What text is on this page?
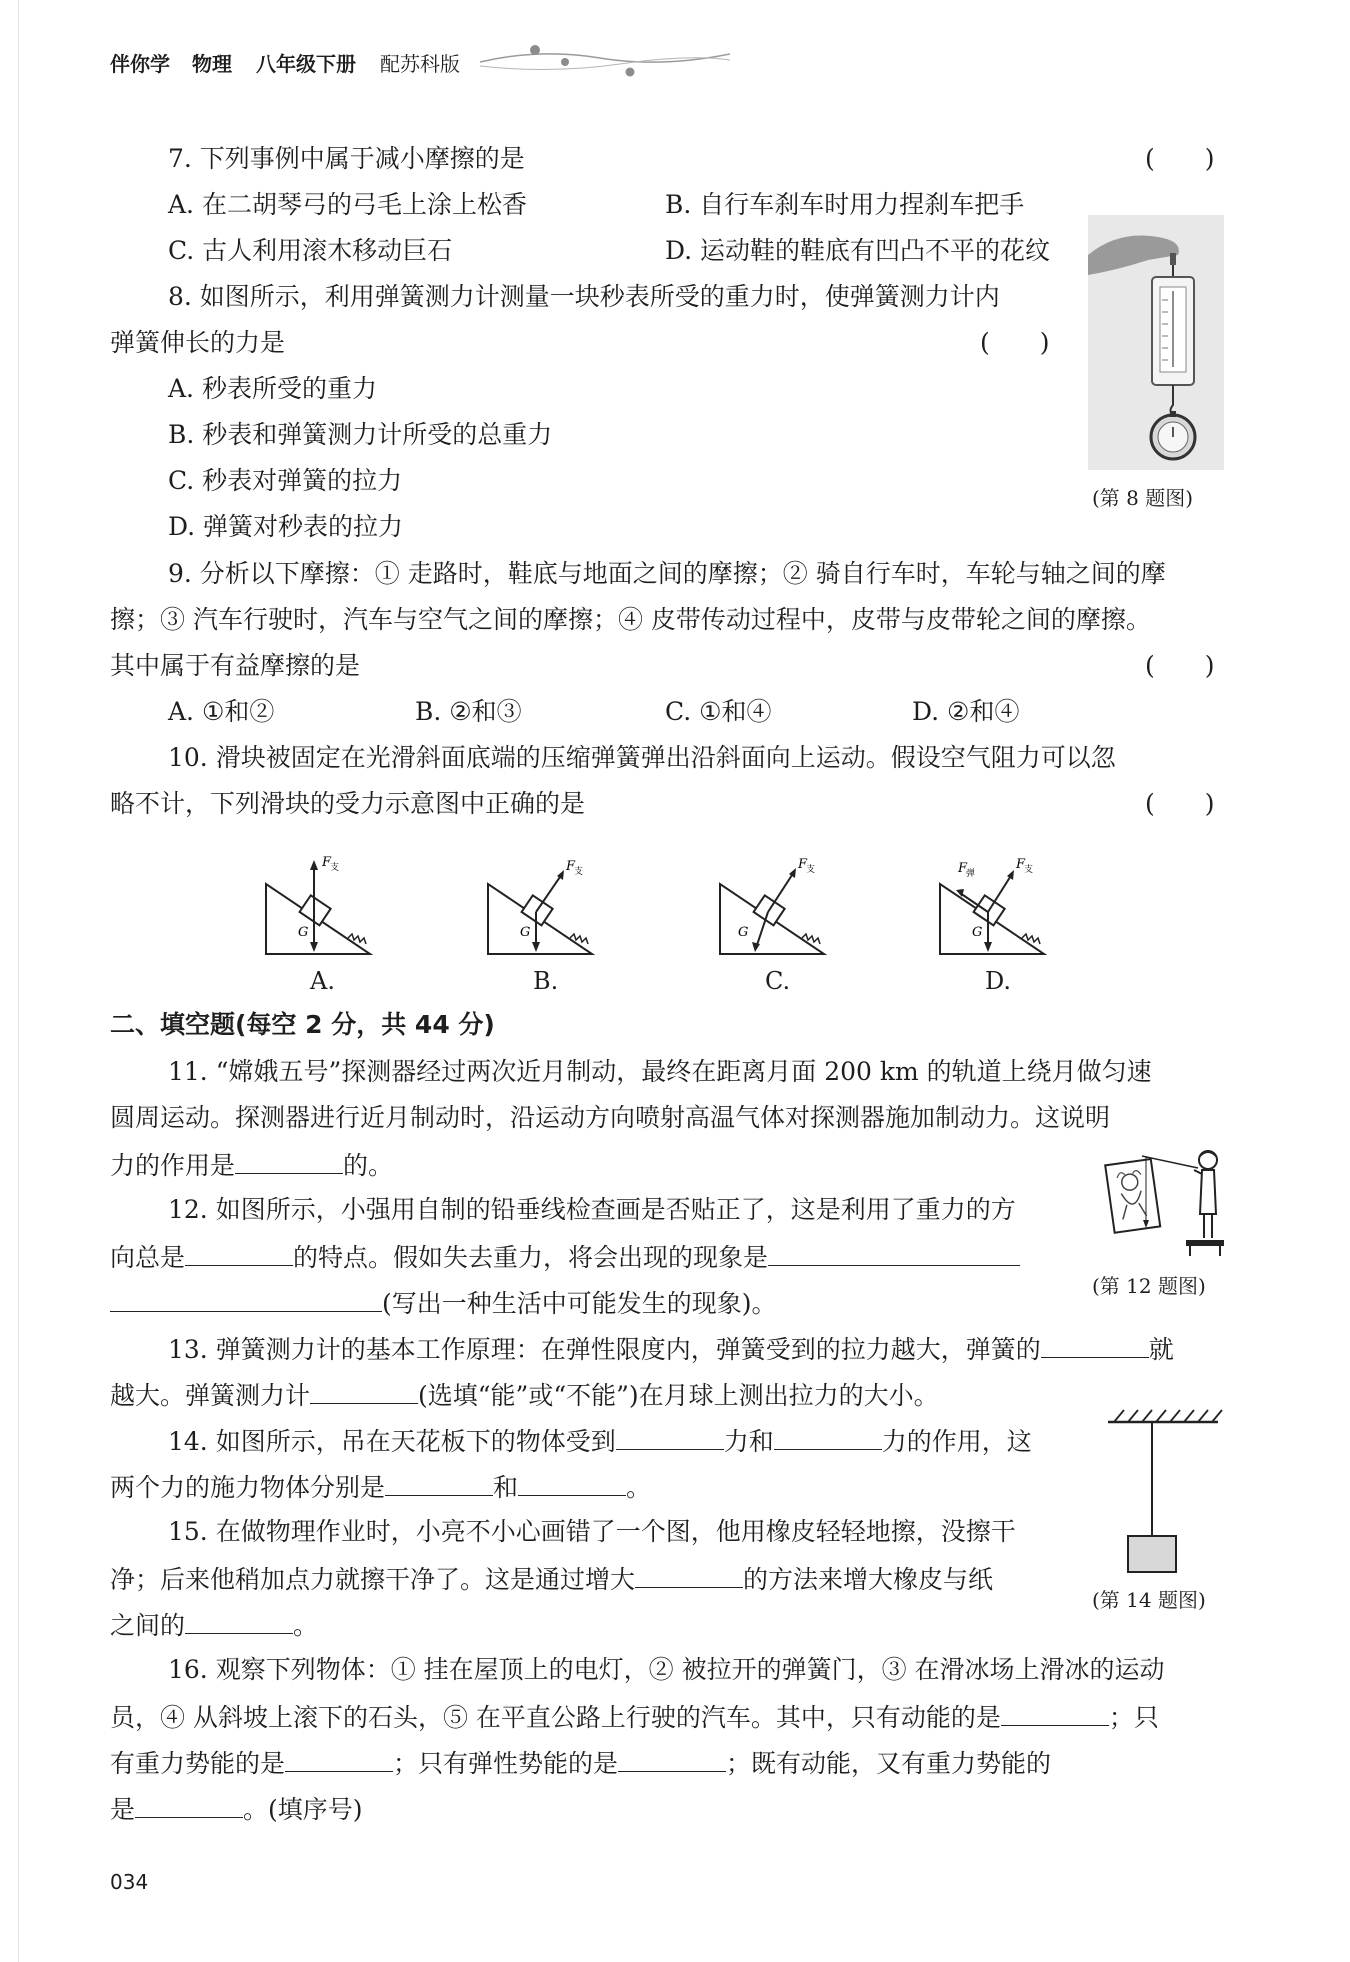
伴你学 物理 八年级下册 配苏科版
7. 下列事例中属于减小摩擦的是	(　　)
A. 在二胡琴弓的弓毛上涂上松香	B. 自行车刹车时用力捏刹车把手
C. 古人利用滚木移动巨石	D. 运动鞋的鞋底有凹凸不平的花纹
(第 8 题图)
8. 如图所示，利用弹簧测力计测量一块秒表所受的重力时，使弹簧测力计内
弹簧伸长的力是	(　　)
A. 秒表所受的重力
B. 秒表和弹簧测力计所受的总重力
C. 秒表对弹簧的拉力
D. 弹簧对秒表的拉力
9. 分析以下摩擦：① 走路时，鞋底与地面之间的摩擦；② 骑自行车时，车轮与轴之间的摩
擦；③ 汽车行驶时，汽车与空气之间的摩擦；④ 皮带传动过程中，皮带与皮带轮之间的摩擦。
其中属于有益摩擦的是	(　　)
A. ①和②	B. ②和③	C. ①和④	D. ②和④
10. 滑块被固定在光滑斜面底端的压缩弹簧弹出沿斜面向上运动。假设空气阻力可以忽
略不计，下列滑块的受力示意图中正确的是	(　　)
F
支
G
A.
F
支
G
B.
F
支
G
C.
F
支
F
弹
G
D.
二、填空题(每空 2 分，共 44 分)
11. “嫦娥五号”探测器经过两次近月制动，最终在距离月面 200 km 的轨道上绕月做匀速
圆周运动。探测器进行近月制动时，沿运动方向喷射高温气体对探测器施加制动力。这说明
力的作用是	的。
(第 12 题图)
12. 如图所示，小强用自制的铅垂线检查画是否贴正了，这是利用了重力的方
向总是	的特点。假如失去重力，将会出现的现象是
(写出一种生活中可能发生的现象)。
13. 弹簧测力计的基本工作原理：在弹性限度内，弹簧受到的拉力越大，弹簧的	就
越大。弹簧测力计	(选填“能”或“不能”)在月球上测出拉力的大小。
(第 14 题图)
14. 如图所示，吊在天花板下的物体受到	力和	力的作用，这
两个力的施力物体分别是	和	。
15. 在做物理作业时，小亮不小心画错了一个图，他用橡皮轻轻地擦，没擦干
净；后来他稍加点力就擦干净了。这是通过增大	的方法来增大橡皮与纸
之间的	。
16. 观察下列物体：① 挂在屋顶上的电灯，② 被拉开的弹簧门，③ 在滑冰场上滑冰的运动
员，④ 从斜坡上滚下的石头，⑤ 在平直公路上行驶的汽车。其中，只有动能的是	；只
有重力势能的是	；只有弹性势能的是	；既有动能，又有重力势能的
是	。(填序号)
034
